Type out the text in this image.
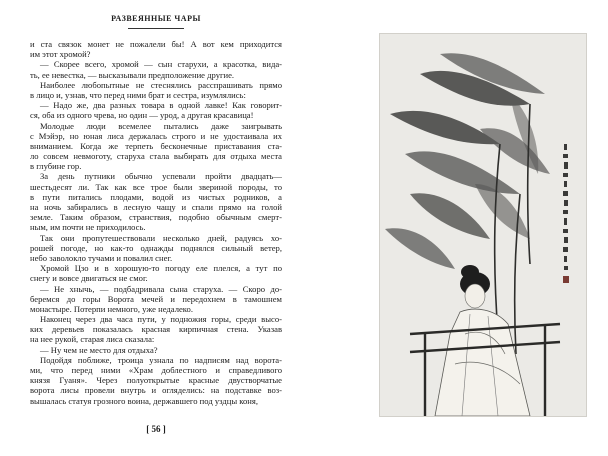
РАЗВЕЯННЫЕ ЧАРЫ
и ста связок монет не пожалели бы! А вот кем приходится
им этот хромой?
— Скорее всего, хромой — сын старухи, а красотка, вида-
ть, ее невестка, — высказывали предположение другие.
Наиболее любопытные не стеснялись расспрашивать прямо
в лицо и, узнав, что перед ними брат и сестра, изумлялись:
— Надо же, два разных товара в одной лавке! Как говорит-
ся, оба из одного чрева, но один — урод, а другая красавица!
Молодые люди всемелее пытались даже заигрывать
с Мэйэр, но юная лиса держалась строго и не удостаивала их
вниманием. Когда же терпеть бесконечные приставания ста-
ло совсем невмоготу, старуха стала выбирать для отдыха места
в глубине гор.
За день путники обычно успевали пройти двадцать—
шестьдесят ли. Так как все трое были звериной породы, то
в пути питались плодами, водой из чистых родников, а
на ночь забирались в лесную чащу и спали прямо на голой
земле. Таким образом, странствия, подобно обычным смерт-
ным, им почти не приходилось.
Так они пропутешествовали несколько дней, радуясь хо-
рошей погоде, но как-то однажды поднялся сильный ветер,
небо заволокло тучами и повалил снег.
Хромой Цзо и в хорошую-то погоду еле плелся, а тут по
снегу и вовсе двигаться не смог.
— Не хнычь, — подбадривала сына старуха. — Скоро до-
беремся до горы Ворота мечей и передохнем в тамошнем
монастыре. Потерпи немного, уже недалеко.
Наконец через два часа пути, у подножия горы, среди высо-
ких деревьев показалась красная кирпичная стена. Указав
на нее рукой, старая лиса сказала:
— Ну чем не место для отдыха?
Подойдя поближе, троица узнала по надписям над ворота-
ми, что перед ними «Храм доблестного и справедливого
князя Гуаня». Через полуоткрытые красные двустворчатые
ворота лисы провели внутрь и огляделись: на подставке воз-
вышалась статуя грозного воина, державшего под уздцы коня,
[ 56 ]
